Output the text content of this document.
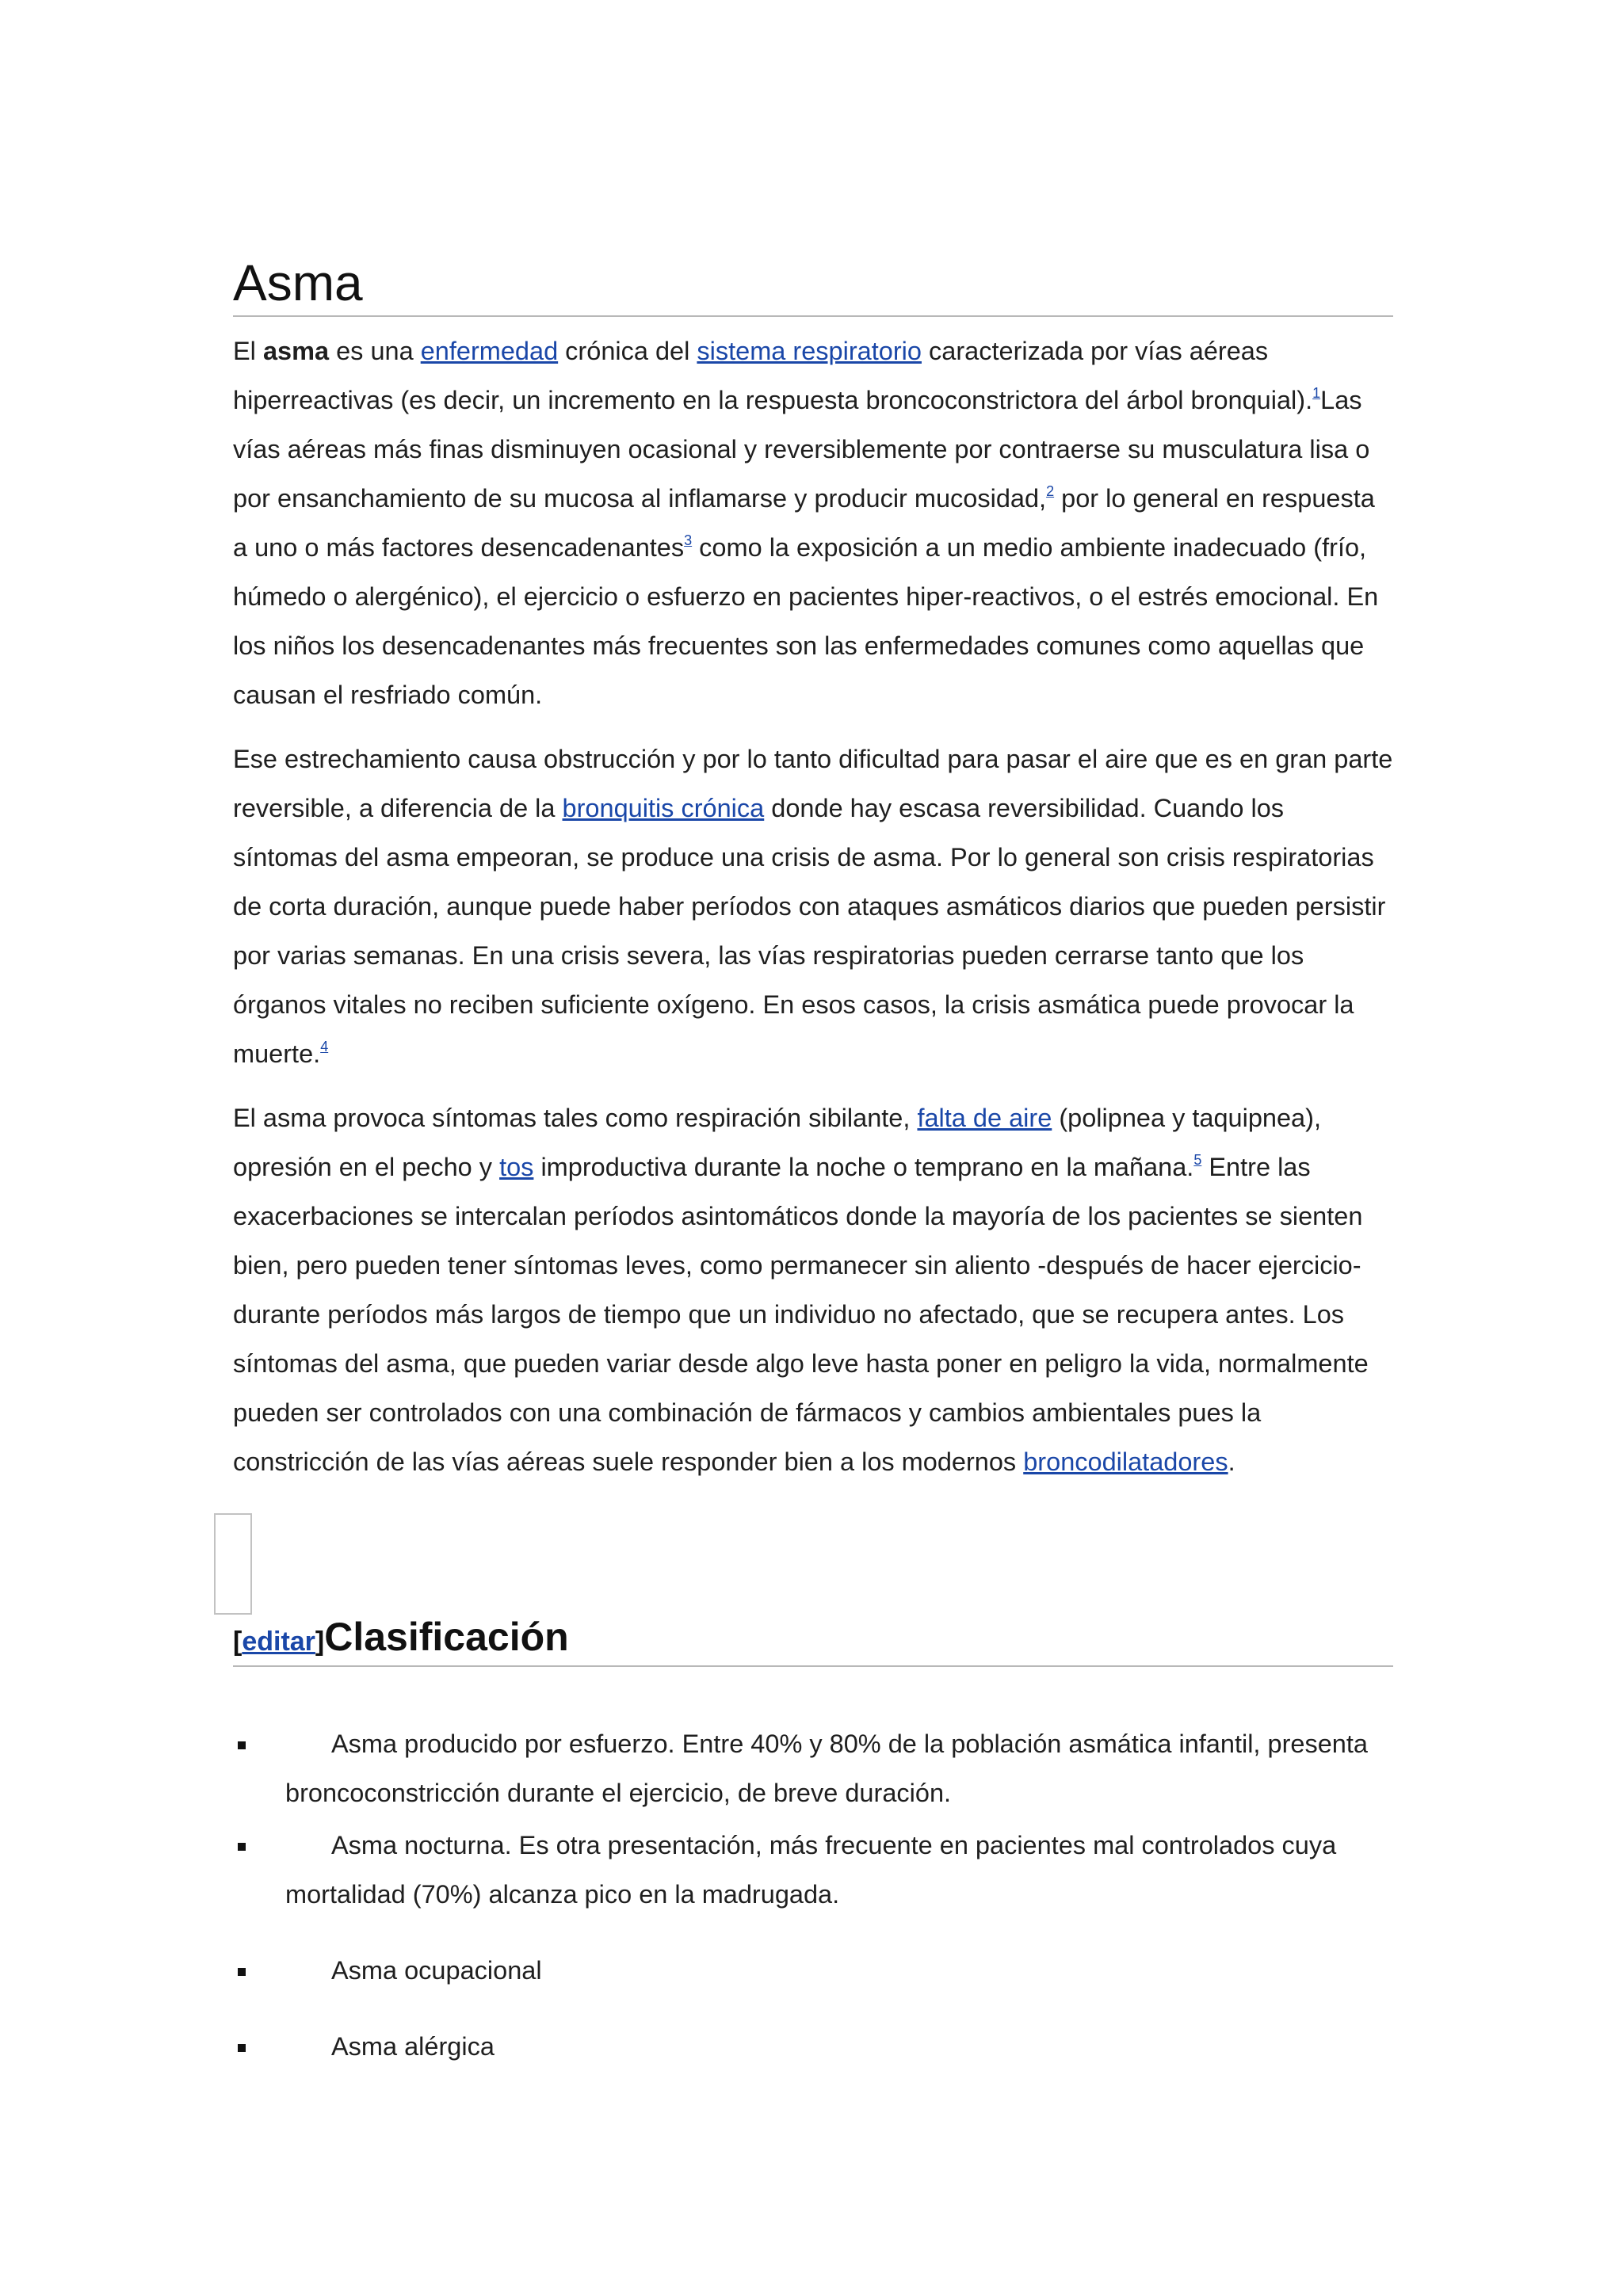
Asma

El asma es una enfermedad crónica del sistema respiratorio caracterizada por vías aéreas hiperreactivas (es decir, un incremento en la respuesta broncoconstrictora del árbol bronquial).$^1$Las vías aéreas más finas disminuyen ocasional y reversiblemente por contraerse su musculatura lisa o por ensanchamiento de su mucosa al inflamarse y producir mucosidad,$^2$ por lo general en respuesta a uno o más factores desencadenantes$^3$ como la exposición a un medio ambiente inadecuado (frío, húmedo o alergénico), el ejercicio o esfuerzo en pacientes hiper-reactivos, o el estrés emocional. En los niños los desencadenantes más frecuentes son las enfermedades comunes como aquellas que causan el resfriado común.

Ese estrechamiento causa obstrucción y por lo tanto dificultad para pasar el aire que es en gran parte reversible, a diferencia de la bronquitis crónica donde hay escasa reversibilidad. Cuando los síntomas del asma empeoran, se produce una crisis de asma. Por lo general son crisis respiratorias de corta duración, aunque puede haber períodos con ataques asmáticos diarios que pueden persistir por varias semanas. En una crisis severa, las vías respiratorias pueden cerrarse tanto que los órganos vitales no reciben suficiente oxígeno. En esos casos, la crisis asmática puede provocar la muerte.$^4$

El asma provoca síntomas tales como respiración sibilante, falta de aire (polipnea y taquipnea), opresión en el pecho y tos improductiva durante la noche o temprano en la mañana.$^5$ Entre las exacerbaciones se intercalan períodos asintomáticos donde la mayoría de los pacientes se sienten bien, pero pueden tener síntomas leves, como permanecer sin aliento -después de hacer ejercicio- durante períodos más largos de tiempo que un individuo no afectado, que se recupera antes. Los síntomas del asma, que pueden variar desde algo leve hasta poner en peligro la vida, normalmente pueden ser controlados con una combinación de fármacos y cambios ambientales pues la constricción de las vías aéreas suele responder bien a los modernos broncodilatadores.

[editar]Clasificación
Asma producido por esfuerzo. Entre 40% y 80% de la población asmática infantil, presenta broncoconstricción durante el ejercicio, de breve duración.
Asma nocturna. Es otra presentación, más frecuente en pacientes mal controlados cuya mortalidad (70%) alcanza pico en la madrugada.
Asma ocupacional
Asma alérgica
